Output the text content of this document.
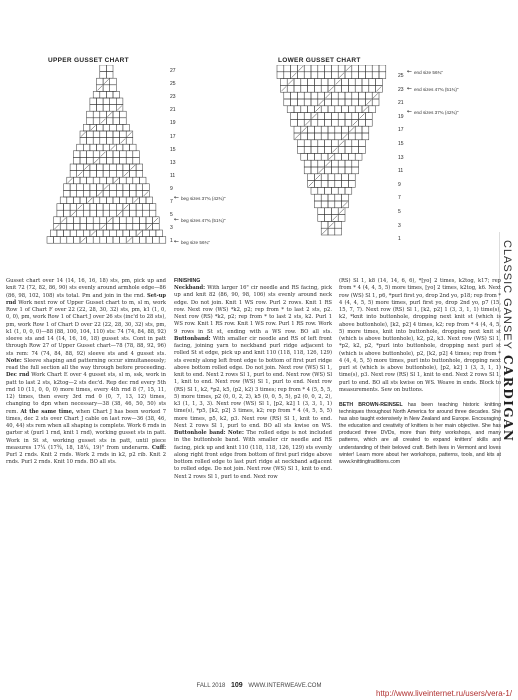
UPPER GUSSET CHART
27
25
23
21
19
17
15
13
11
9
7
5
3
1
beg sizes 37¾ (42¾)"
beg sizes 47¾ (51¾)"
beg size 56¾"
←
←
←
LOWER GUSSET CHART
25
23
21
19
17
15
13
11
9
7
5
3
1
end size 56¾"
end sizes 47¾ (51¾)"
end sizes 37¾ (42¾)"
←
←
←
CLASSIC GANSEY
CARDIGAN

Gusset chart over 14 (14, 16, 16, 18) sts, pm, pick up and knit 72 (72, 82, 86, 90) sts evenly around armhole edge—86 (86, 98, 102, 108) sts total. Pm and join in the rnd. Set-up rnd Work next row of Upper Gusset chart to m, sl m, work Row 1 of Chart F over 22 (22, 28, 30, 32) sts, pm, k1 (1, 0, 0, 0), pm, work Row 1 of Chart J over 26 sts (inc'd to 28 sts), pm, work Row 1 of Chart D over 22 (22, 28, 30, 32) sts, pm, k1 (1, 0, 0, 0)—88 (88, 100, 104, 110) sts: 74 (74, 84, 88, 92) sleeve sts and 14 (14, 16, 16, 18) gusset sts. Cont in patt through Row 27 of Upper Gusset chart—78 (78, 88, 92, 96) sts rem: 74 (74, 84, 88, 92) sleeve sts and 4 gusset sts. Note: Sleeve shaping and patterning occur simultaneously; read the full section all the way through before proceeding. Dec rnd Work Chart E over 4 gusset sts, sl m, ssk, work in patt to last 2 sts, k2tog—2 sts dec'd. Rep dec rnd every 5th rnd 10 (11, 0, 0, 0) more times, every 4th rnd 8 (7, 15, 11, 12) times, then every 3rd rnd 0 (0, 7, 13, 12) times, changing to dpn when necessary—38 (38, 46, 50, 50) sts rem. At the same time, when Chart J has been worked 7 times, dec 2 sts over Chart J cable on last row—36 (38, 46, 40, 44) sts rem when all shaping is complete. Work 6 rnds in garter st (purl 1 rnd, knit 1 rnd), working gusset sts in patt. Work in St st, working gusset sts in patt, until piece measures 17¼ (17¾, 18, 18¼, 19)" from underarm. Cuff: Purl 2 rnds. Knit 2 rnds. Work 2 rnds in k2, p2 rib. Knit 2 rnds. Purl 2 rnds. Knit 10 rnds. BO all sts.

FINISHING

Neckband: With larger 16" cir needle and RS facing, pick up and knit 82 (86, 90, 98, 106) sts evenly around neck edge. Do not join. Knit 1 WS row. Purl 2 rows. Knit 1 RS row. Next row (WS) *k2, p2; rep from * to last 2 sts, p2. Next row (RS) *k2, p2; rep from * to last 2 sts, k2. Purl 1 WS row. Knit 1 RS row. Knit 1 WS row. Purl 1 RS row. Work 9 rows in St st, ending with a WS row. BO all sts. Buttonband: With smaller cir needle and RS of left front facing, joining yarn to neckband purl ridge adjacent to rolled St st edge, pick up and knit 110 (118, 118, 126, 129) sts evenly along left front edge to bottom of first purl ridge above bottom rolled edge. Do not join. Next row (WS) Sl 1, knit to end. Next 2 rows Sl 1, purl to end. Next row (WS) Sl 1, knit to end. Next row (WS) Sl 1, purl to end. Next row (RS) Sl 1, k2, *p2, k5, (p2, k2) 3 times; rep from * 4 (5, 5, 5, 5) more times, p2 (0, 0, 2, 2), k5 (0, 0, 5, 5), p2 (0, 0, 2, 2), k3 (1, 1, 3, 3). Next row (WS) Sl 1, [p2, k2] 1 (3, 3, 1, 1) time(s), *p5, [k2, p2] 3 times, k2; rep from * 4 (4, 5, 5, 5) more times, p5, k2, p3. Next row (RS) Sl 1, knit to end. Next 2 rows Sl 1, purl to end. BO all sts kwise on WS. Buttonhole band: Note: The rolled edge is not included in the buttonhole band. With smaller cir needle and RS facing, pick up and knit 110 (118, 118, 126, 129) sts evenly along right front edge from bottom of first purl ridge above bottom rolled edge to last purl ridge at neckband adjacent to rolled edge. Do not join. Next row (WS) Sl 1, knit to end. Next 2 rows Sl 1, purl to end. Next row

(RS) Sl 1, k8 (14, 14, 6, 6), *[yo] 2 times, k2tog, k17; rep from * 4 (4, 4, 5, 5) more times, [yo] 2 times, k2tog, k6. Next row (WS) Sl 1, p6, *purl first yo, drop 2nd yo, p18; rep from * 4 (4, 4, 5, 5) more times, purl first yo, drop 2nd yo, p7 (15, 15, 7, 7). Next row (RS) Sl 1, [k2, p2] 1 (3, 3, 1, 1) time(s), k2, *knit into buttonhole, dropping next knit st (which is above buttonhole), [k2, p2] 4 times, k2; rep from * 4 (4, 4, 5, 5) more times, knit into buttonhole, dropping next knit st (which is above buttonhole), k2, p2, k3. Next row (WS) Sl 1, *p2, k2, p2, *purl into buttonhole, dropping next purl st (which is above buttonhole), p2, [k2, p2] 4 times; rep from * 4 (4, 4, 5, 5) more times, purl into buttonhole, dropping next purl st (which is above buttonhole), [p2, k2] 1 (3, 3, 1, 1) time(s), p3. Next row (RS) Sl 1, knit to end. Next 2 rows Sl 1, purl to end. BO all sts kwise on WS. Weave in ends. Block to measurements. Sew on buttons.

BETH BROWN-REINSEL has been teaching historic knitting techniques throughout North America for around three decades. She has also taught extensively in New Zealand and Europe. Encouraging the education and creativity of knitters is her main objective. She has produced three DVDs, more than thirty workshops, and many patterns, which are all created to expand knitters' skills and understanding of their beloved craft. Beth lives in Vermont and loves winter! Learn more about her workshops, patterns, tools, and kits at www.knittingtraditions.com

FALL 2018 109 WWW.INTERWEAVE.COM
http://www.liveinternet.ru/users/vera-1/
